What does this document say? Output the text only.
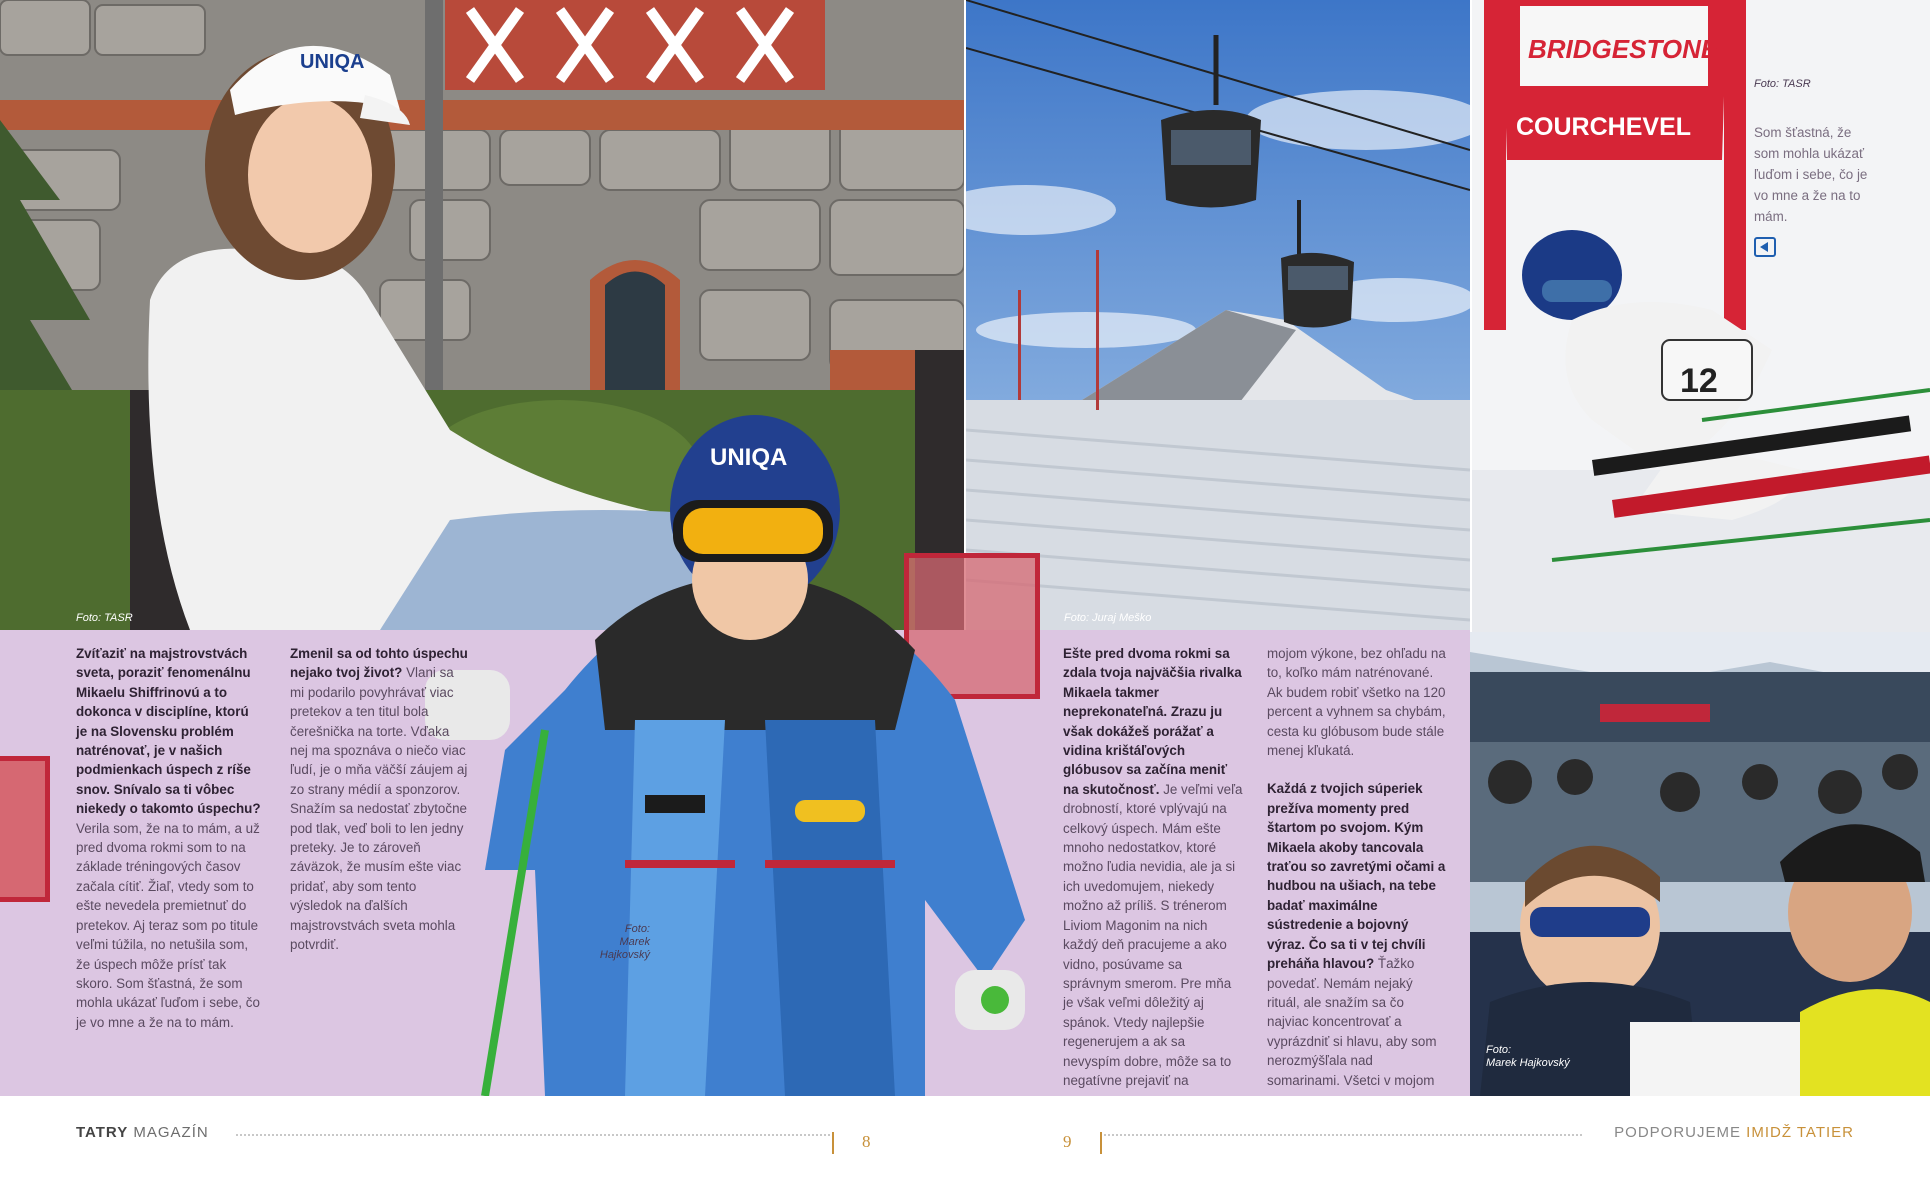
UNIQA
Foto: TASR	Foto: Juraj Meško
BRIDGESTONE
COURCHEVEL
12
Foto: TASR
Som šťastná, že som mohla ukázať ľuďom i sebe, čo je vo mne a že na to mám.
UNIQA
Foto:
Marek Hajkovský
Foto:
Marek Hajkovský

Zvíťaziť na majstrovstvách sveta, poraziť fenomenálnu Mikaelu Shiffrinovú a to dokonca v disciplíne, ktorú je na Slovensku problém natrénovať, je v našich podmienkach úspech z ríše snov. Snívalo sa ti vôbec niekedy o takomto úspechu? Verila som, že na to mám, a už pred dvoma rokmi som to na základe tréningových časov začala cítiť. Žiaľ, vtedy som to ešte nevedela premietnuť do pretekov. Aj teraz som po titule veľmi túžila, no netušila som, že úspech môže prísť tak skoro. Som šťastná, že som mohla ukázať ľuďom i sebe, čo je vo mne a že na to mám.

Zmenil sa od tohto úspechu nejako tvoj život? Vlani sa mi podarilo povyhrávať viac pretekov a ten titul bola čerešnička na torte. Vďaka nej ma spoznávа o niečo viac ľudí, je o mňa väčší záujem aj zo strany médií a sponzorov. Snažím sa nedostať zbytočne pod tlak, veď boli to len jedny preteky. Je to zároveň záväzok, že musím ešte viac pridať, aby som tento výsledok na ďalších majstrovstvách sveta mohla potvrdiť.

Ešte pred dvoma rokmi sa zdala tvoja najväčšia rivalka Mikaela takmer neprekonateľná. Zrazu ju však dokážeš porážať a vidina krištáľových glóbusov sa začína meniť na skutočnosť. Je veľmi veľa drobností, ktoré vplývajú na celkový úspech. Mám ešte mnoho nedostatkov, ktoré možno ľudia nevidia, ale ja si ich uvedomujem, niekedy možno až príliš. S trénerom Liviom Magonim na nich každý deň pracujeme a ako vidno, posúvame sa správnym smerom. Pre mňa je však veľmi dôležitý aj spánok. Vtedy najlepšie regenerujem a ak sa nevyspím dobre, môže sa to negatívne prejaviť na

mojom výkone, bez ohľadu na to, koľko mám natrénované. Ak budem robiť všetko na 120 percent a vyhnem sa chybám, cesta ku glóbusom bude stále menej kľukatá.

Každá z tvojich súperiek prežíva momenty pred štartom po svojom. Kým Mikaela akoby tancovala traťou so zavretými očami a hudbou na ušiach, na tebe badať maximálne sústredenie a bojovný výraz. Čo sa ti v tej chvíli preháňa hlavou? Ťažko povedať. Nemám nejaký rituál, ale snažím sa čo najviac koncentrovať a vyprázdniť si hlavu, aby som nerozmýšľala nad somarinami. Všetci v mojom

TATRY MAGAZÍN	8	9	PODPORUJEME IMIDŽ TATIER
